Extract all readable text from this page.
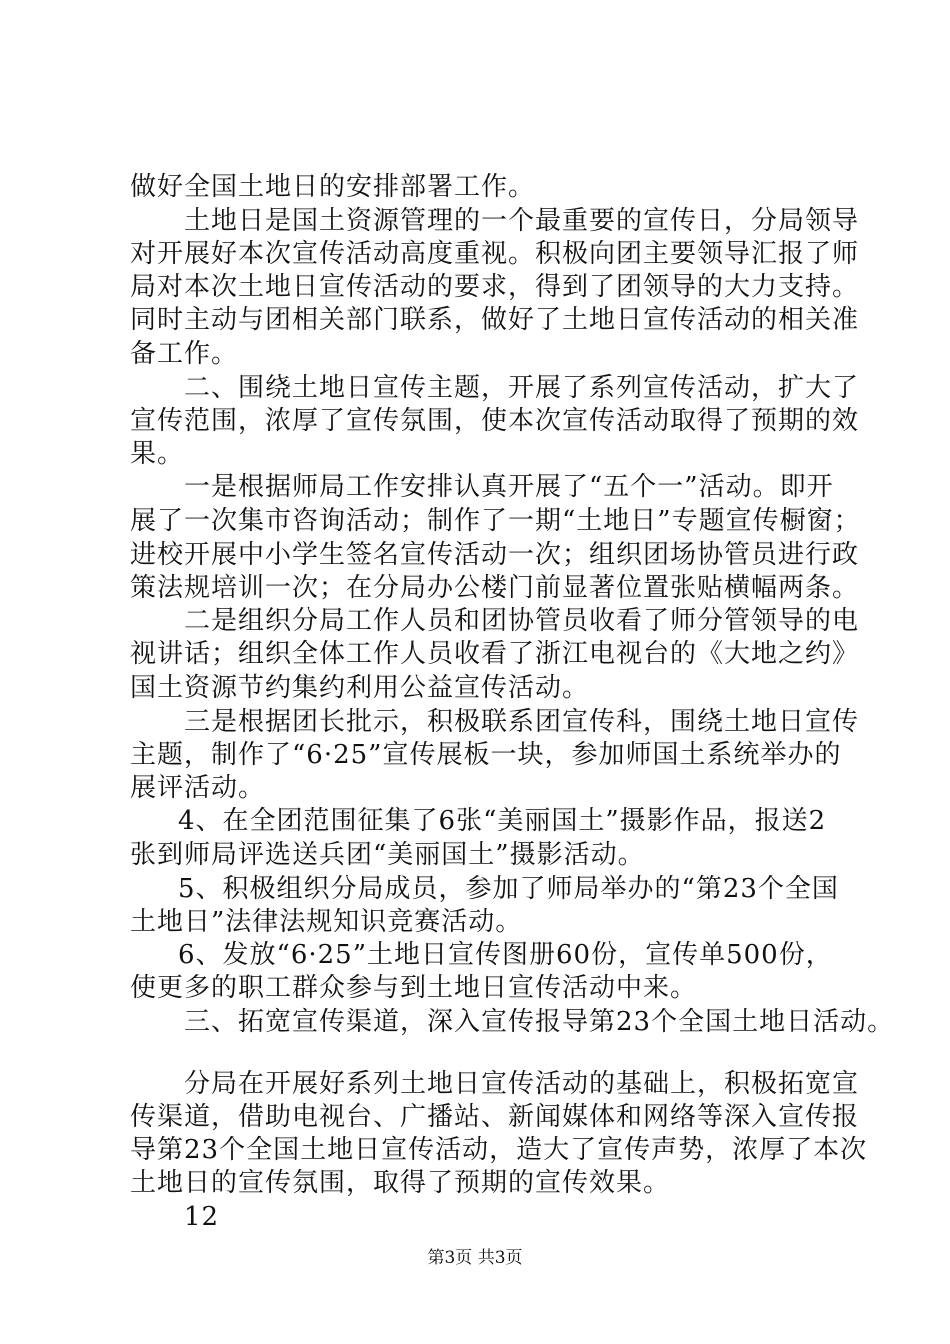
做好全国土地日的安排部署工作。
土地日是国土资源管理的一个最重要的宣传日，分局领导
对开展好本次宣传活动高度重视。积极向团主要领导汇报了师
局对本次土地日宣传活动的要求，得到了团领导的大力支持。
同时主动与团相关部门联系，做好了土地日宣传活动的相关准
备工作。
二、围绕土地日宣传主题，开展了系列宣传活动，扩大了
宣传范围，浓厚了宣传氛围，使本次宣传活动取得了预期的效
果。
一是根据师局工作安排认真开展了“五个一”活动。即开
展了一次集市咨询活动；制作了一期“土地日”专题宣传橱窗；
进校开展中小学生签名宣传活动一次；组织团场协管员进行政
策法规培训一次；在分局办公楼门前显著位置张贴横幅两条。
二是组织分局工作人员和团协管员收看了师分管领导的电
视讲话；组织全体工作人员收看了浙江电视台的《大地之约》
国土资源节约集约利用公益宣传活动。
三是根据团长批示，积极联系团宣传科，围绕土地日宣传
主题，制作了“6·25”宣传展板一块，参加师国土系统举办的
展评活动。
4、在全团范围征集了6张“美丽国土”摄影作品，报送2
张到师局评选送兵团“美丽国土”摄影活动。
5、积极组织分局成员，参加了师局举办的“第23个全国
土地日”法律法规知识竞赛活动。
6、发放“6·25”土地日宣传图册60份，宣传单500份，
使更多的职工群众参与到土地日宣传活动中来。
三、拓宽宣传渠道，深入宣传报导第23个全国土地日活动。
分局在开展好系列土地日宣传活动的基础上，积极拓宽宣
传渠道，借助电视台、广播站、新闻媒体和网络等深入宣传报
导第23个全国土地日宣传活动，造大了宣传声势，浓厚了本次
土地日的宣传氛围，取得了预期的宣传效果。
12
第3页 共3页
